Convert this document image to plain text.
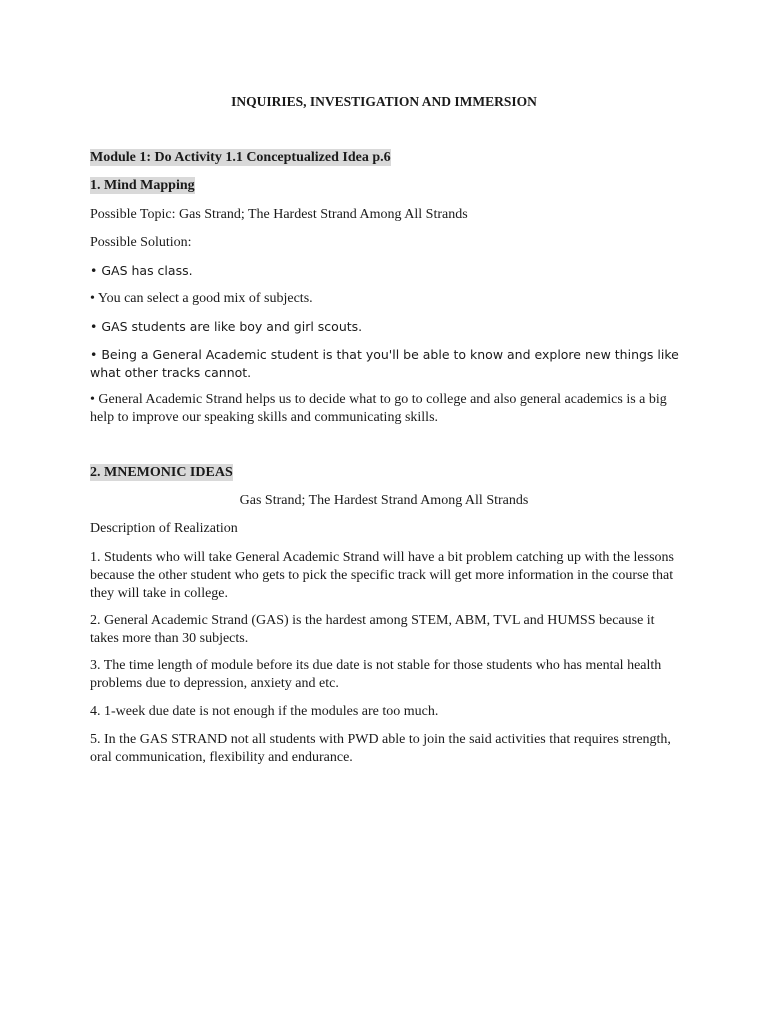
INQUIRIES, INVESTIGATION AND IMMERSION

Module 1: Do Activity 1.1 Conceptualized Idea p.6

1. Mind Mapping

Possible Topic: Gas Strand; The Hardest Strand Among All Strands

Possible Solution:

• GAS has class.

• You can select a good mix of subjects.

• GAS students are like boy and girl scouts.

• Being a General Academic student is that you'll be able to know and explore new things like what other tracks cannot.

• General Academic Strand helps us to decide what to go to college and also general academics is a big help to improve our speaking skills and communicating skills.

2. MNEMONIC IDEAS

Gas Strand; The Hardest Strand Among All Strands

Description of Realization

1. Students who will take General Academic Strand will have a bit problem catching up with the lessons because the other student who gets to pick the specific track will get more information in the course that they will take in college.

2. General Academic Strand (GAS) is the hardest among STEM, ABM, TVL and HUMSS because it takes more than 30 subjects.

3. The time length of module before its due date is not stable for those students who has mental health problems due to depression, anxiety and etc.

4. 1-week due date is not enough if the modules are too much.

5. In the GAS STRAND not all students with PWD able to join the said activities that requires strength, oral communication, flexibility and endurance.
